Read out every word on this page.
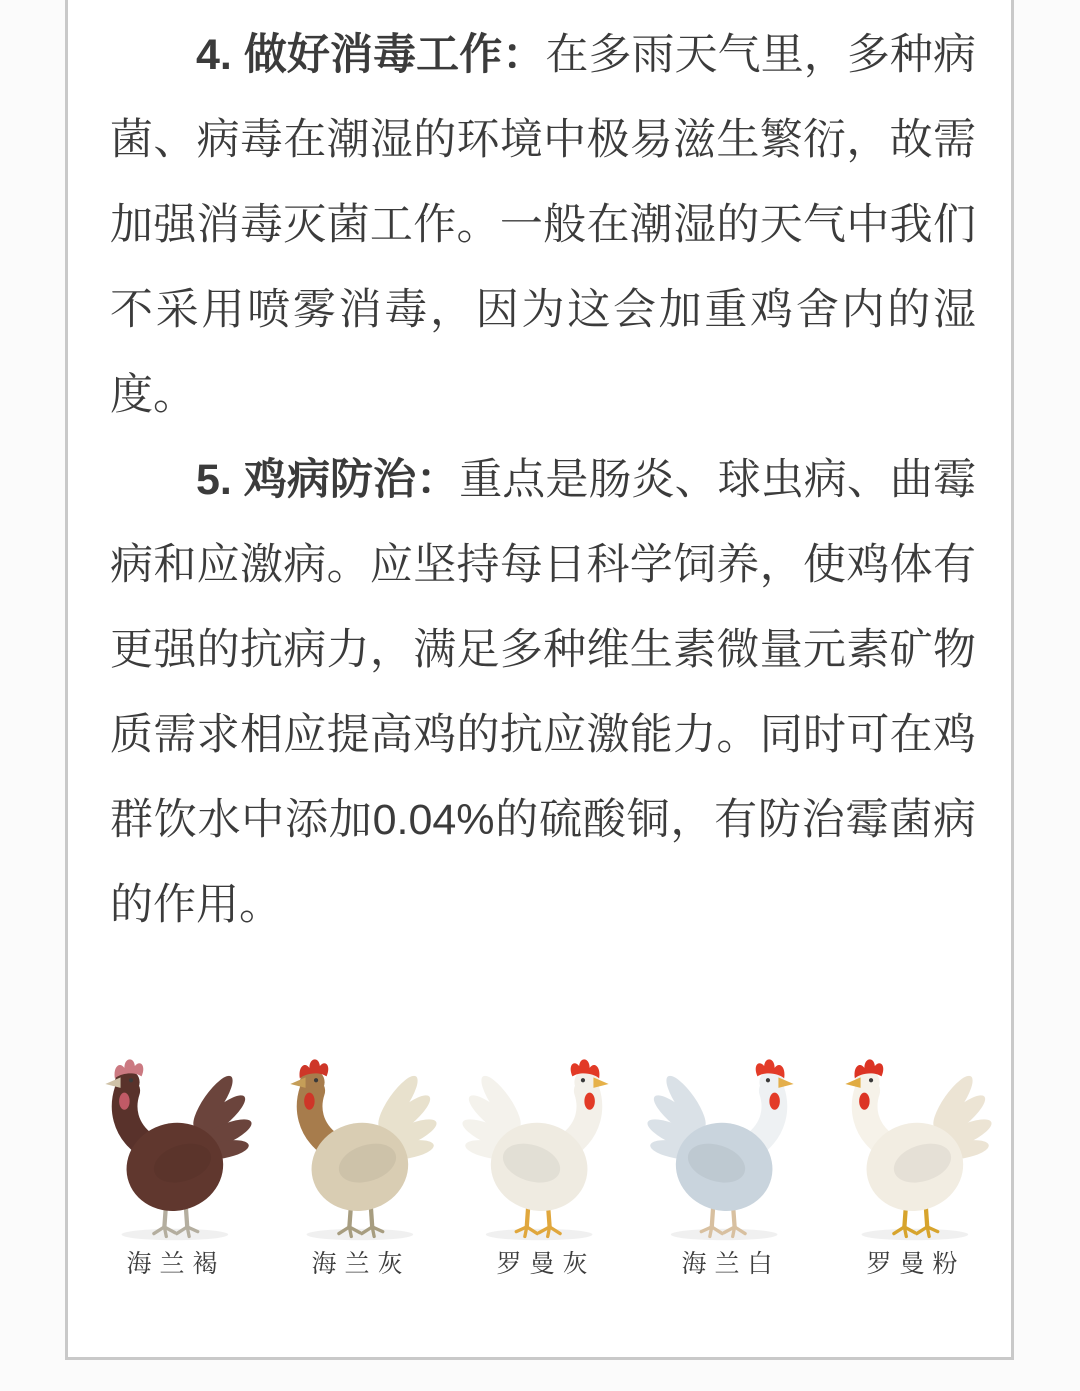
4. 做好消毒工作：在多雨天气里，多种病菌、病毒在潮湿的环境中极易滋生繁衍，故需加强消毒灭菌工作。一般在潮湿的天气中我们不采用喷雾消毒，因为这会加重鸡舍内的湿度。

5. 鸡病防治：重点是肠炎、球虫病、曲霉病和应激病。应坚持每日科学饲养，使鸡体有更强的抗病力，满足多种维生素微量元素矿物质需求相应提高鸡的抗应激能力。同时可在鸡群饮水中添加0.04%的硫酸铜，有防治霉菌病的作用。

海兰褐	海兰灰	罗曼灰	海兰白	罗曼粉
